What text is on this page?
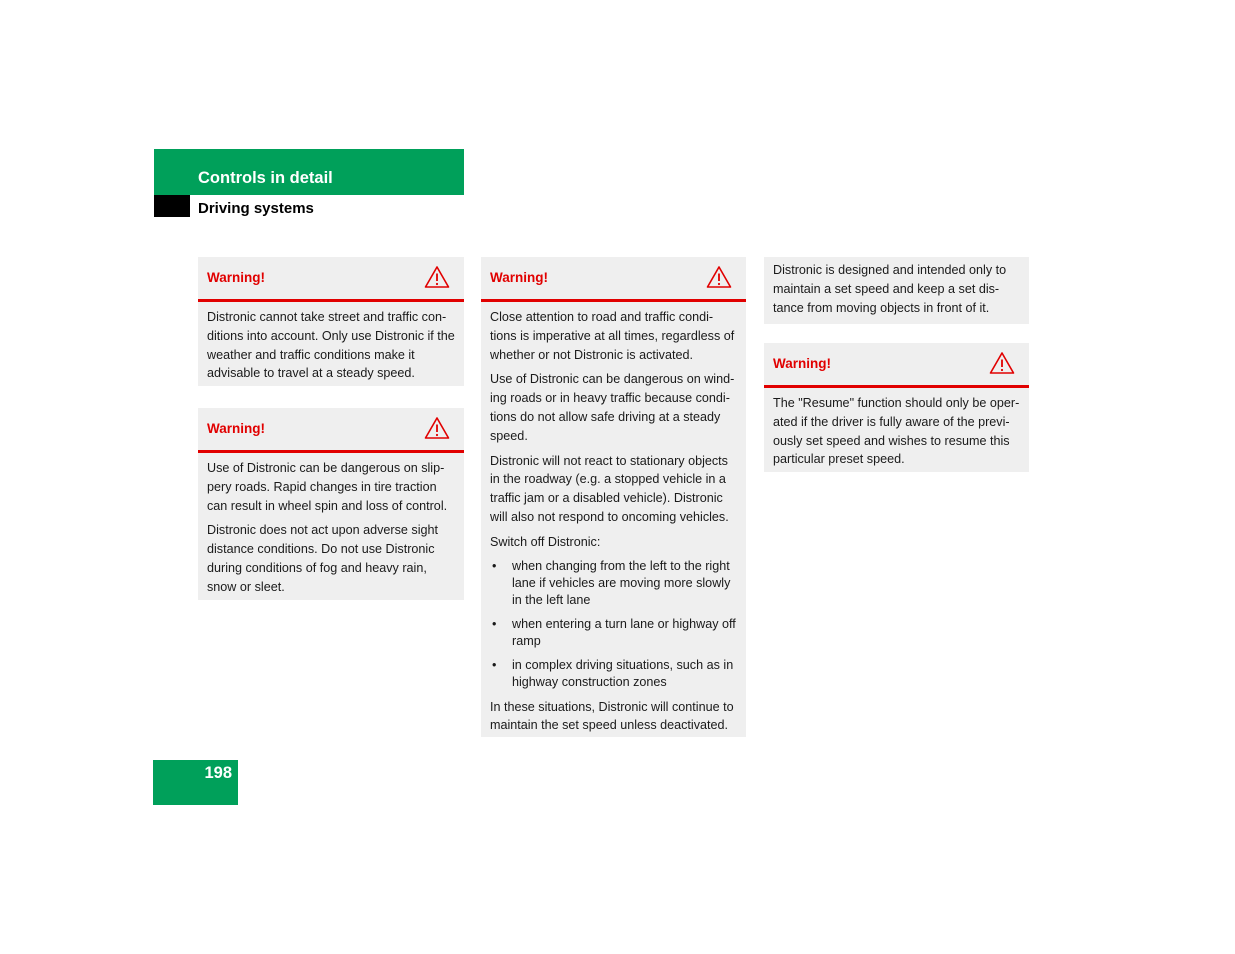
Controls in detail
Driving systems
Warning!

Distronic cannot take street and traffic con-ditions into account. Only use Distronic if the weather and traffic conditions make it advisable to travel at a steady speed.

Warning!

Use of Distronic can be dangerous on slip-pery roads. Rapid changes in tire traction can result in wheel spin and loss of control.

Distronic does not act upon adverse sight distance conditions. Do not use Distronic during conditions of fog and heavy rain, snow or sleet.

Warning!

Close attention to road and traffic condi-tions is imperative at all times, regardless of whether or not Distronic is activated.

Use of Distronic can be dangerous on wind-ing roads or in heavy traffic because condi-tions do not allow safe driving at a steady speed.

Distronic will not react to stationary objects in the roadway (e.g. a stopped vehicle in a traffic jam or a disabled vehicle). Distronic will also not respond to oncoming vehicles.

Switch off Distronic:

• when changing from the left to the right lane if vehicles are moving more slowly in the left lane
• when entering a turn lane or highway off ramp
• in complex driving situations, such as in highway construction zones

In these situations, Distronic will continue to maintain the set speed unless deactivated.

Distronic is designed and intended only to maintain a set speed and keep a set dis-tance from moving objects in front of it.

Warning!

The "Resume" function should only be oper-ated if the driver is fully aware of the previ-ously set speed and wishes to resume this particular preset speed.

198
